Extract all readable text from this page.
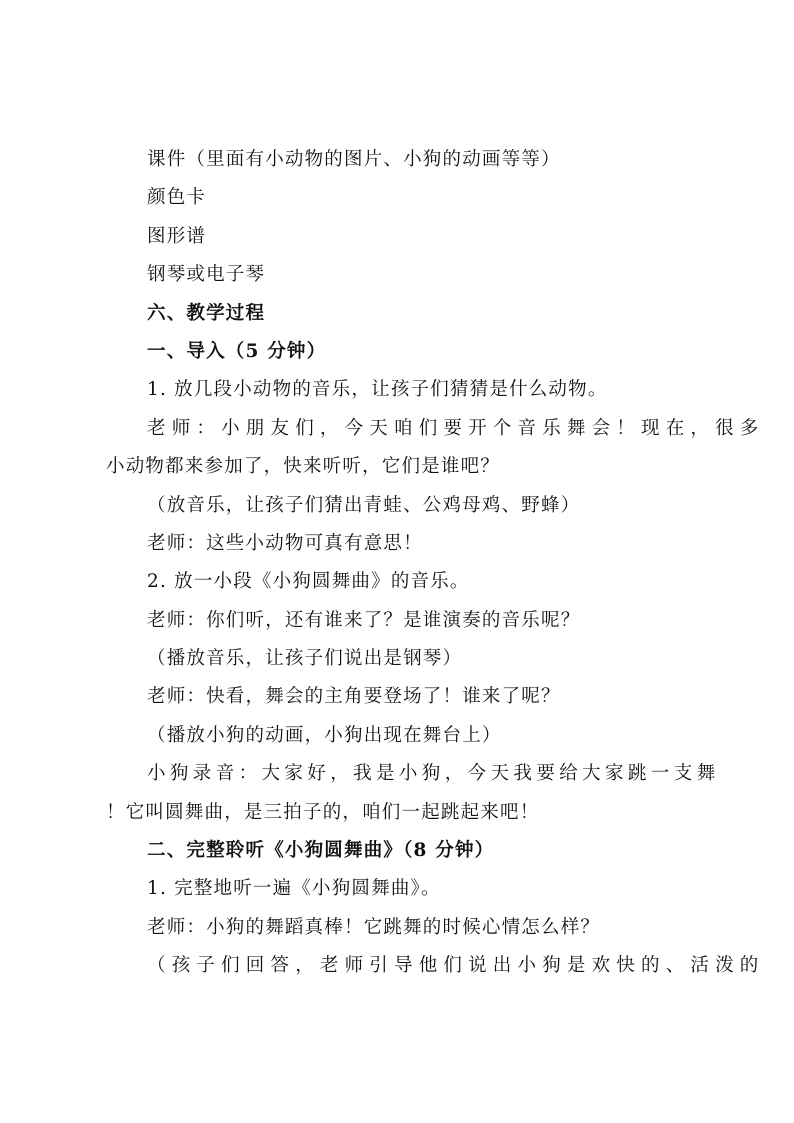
课件（里面有小动物的图片、小狗的动画等等）
颜色卡
图形谱
钢琴或电子琴
六、教学过程
一、导入（5 分钟）
1. 放几段小动物的音乐，让孩子们猜猜是什么动物。
老师：小朋友们，今天咱们要开个音乐舞会！现在，很多
小动物都来参加了，快来听听，它们是谁吧？
（放音乐，让孩子们猜出青蛙、公鸡母鸡、野蜂）
老师：这些小动物可真有意思！
2. 放一小段《小狗圆舞曲》的音乐。
老师：你们听，还有谁来了？是谁演奏的音乐呢？
（播放音乐，让孩子们说出是钢琴）
老师：快看，舞会的主角要登场了！谁来了呢？
（播放小狗的动画，小狗出现在舞台上）
小狗录音：大家好，我是小狗，今天我要给大家跳一支舞
！它叫圆舞曲，是三拍子的，咱们一起跳起来吧！
二、完整聆听《小狗圆舞曲》（8 分钟）
1. 完整地听一遍《小狗圆舞曲》。
老师：小狗的舞蹈真棒！它跳舞的时候心情怎么样？
（孩子们回答，老师引导他们说出小狗是欢快的、活泼的
